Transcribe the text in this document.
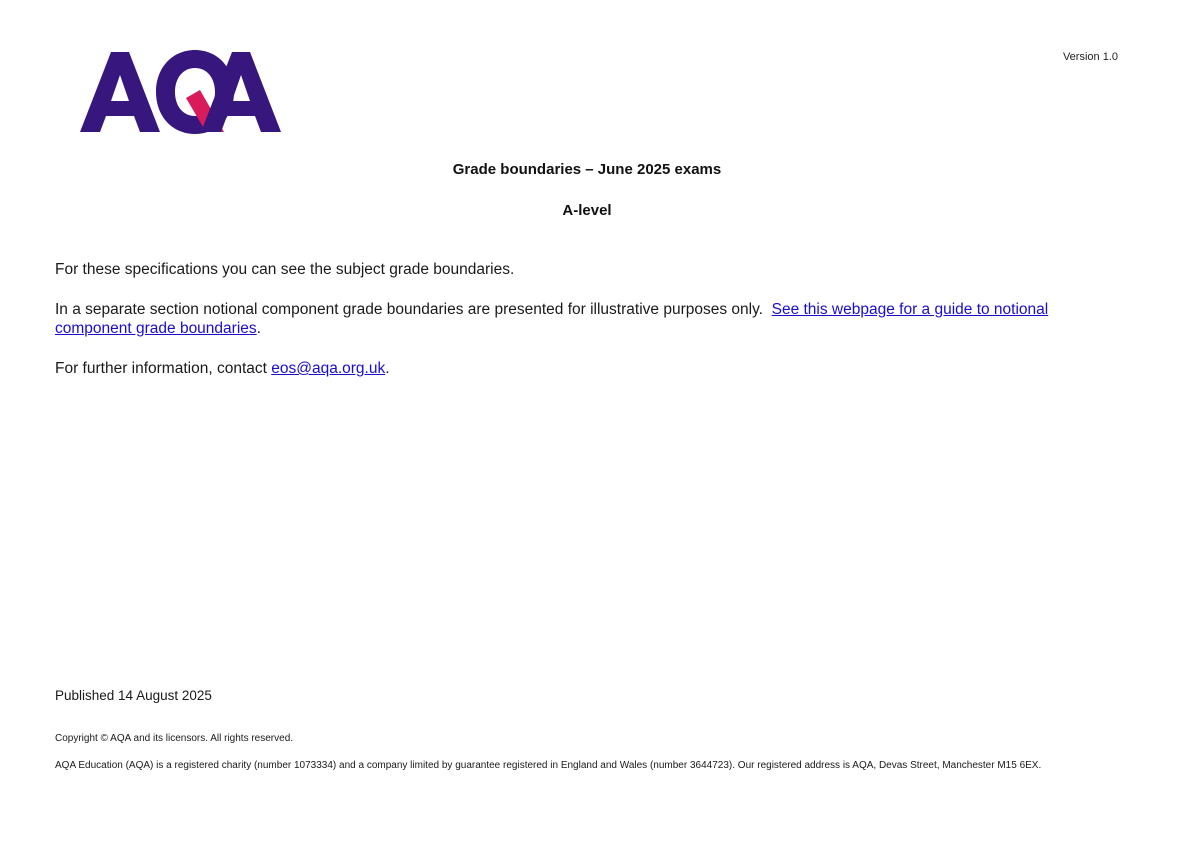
Version 1.0
Grade boundaries – June 2025 exams
A-level
For these specifications you can see the subject grade boundaries.
In a separate section notional component grade boundaries are presented for illustrative purposes only. See this webpage for a guide to notional component grade boundaries.
For further information, contact eos@aqa.org.uk.
Published 14 August 2025
Copyright © AQA and its licensors. All rights reserved.
AQA Education (AQA) is a registered charity (number 1073334) and a company limited by guarantee registered in England and Wales (number 3644723). Our registered address is AQA, Devas Street, Manchester M15 6EX.
